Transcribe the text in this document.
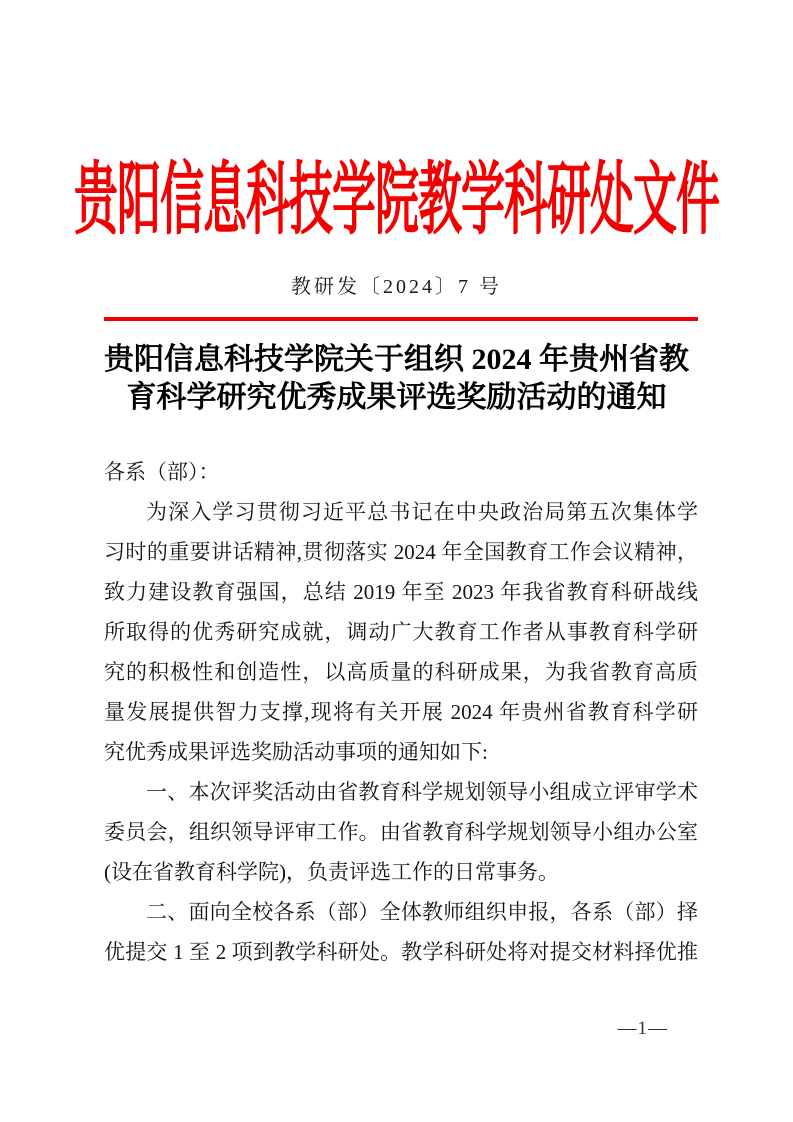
贵阳信息科技学院教学科研处文件
教研发〔2024〕7 号
贵阳信息科技学院关于组织 2024 年贵州省教
育科学研究优秀成果评选奖励活动的通知
各系（部）：
为深入学习贯彻习近平总书记在中央政治局第五次集体学
习时的重要讲话精神,贯彻落实 2024 年全国教育工作会议精神，
致力建设教育强国，总结 2019 年至 2023 年我省教育科研战线
所取得的优秀研究成就，调动广大教育工作者从事教育科学研
究的积极性和创造性，以高质量的科研成果，为我省教育高质
量发展提供智力支撑,现将有关开展 2024 年贵州省教育科学研
究优秀成果评选奖励活动事项的通知如下:
一、本次评奖活动由省教育科学规划领导小组成立评审学术
委员会，组织领导评审工作。由省教育科学规划领导小组办公室
(设在省教育科学院)，负责评选工作的日常事务。
二、面向全校各系（部）全体教师组织申报，各系（部）择
优提交 1 至 2 项到教学科研处。教学科研处将对提交材料择优推
—1—
